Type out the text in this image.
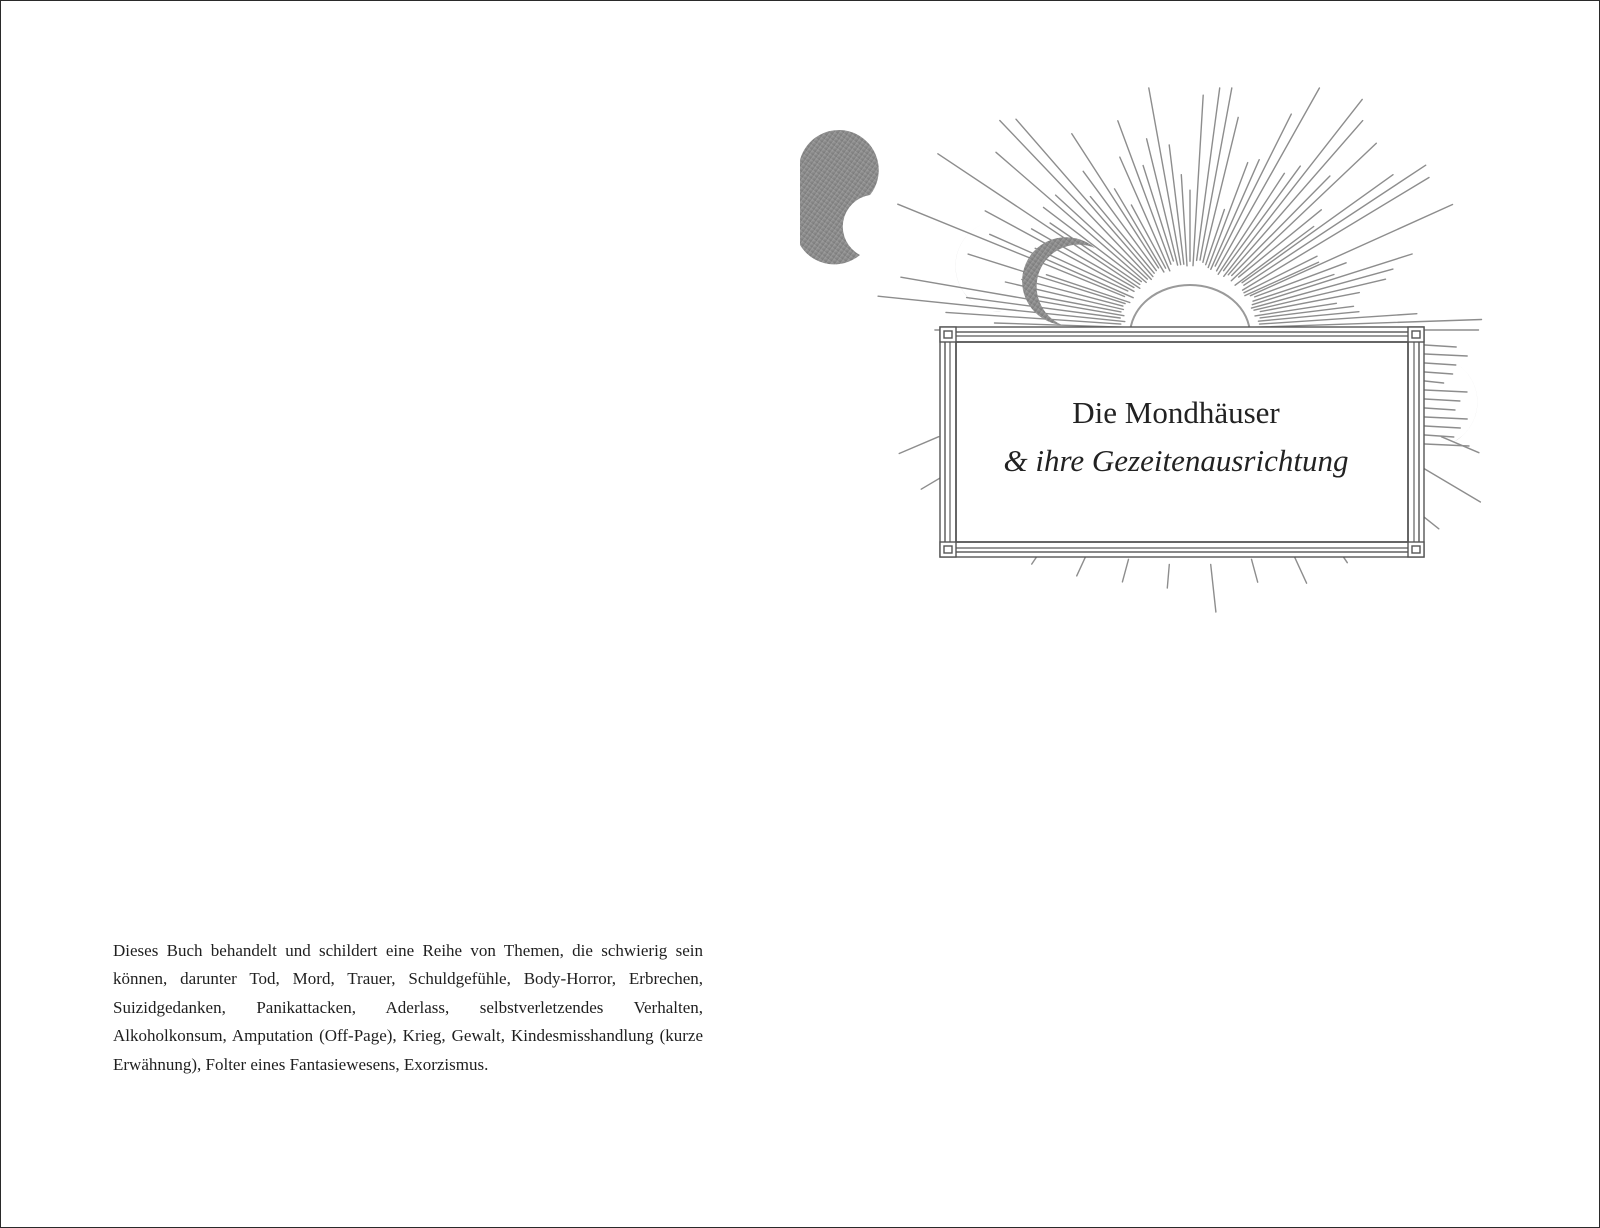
Dieses Buch behandelt und schildert eine Reihe von Themen, die schwierig sein können, darunter Tod, Mord, Trauer, Schuldgefühle, Body-Horror, Erbrechen, Suizidgedanken, Panikattacken, Aderlass, selbstverletzendes Verhalten, Alkoholkonsum, Amputation (Off-Page), Krieg, Gewalt, Kindesmisshandlung (kurze Erwähnung), Folter eines Fantasiewesens, Exorzismus.

Die Mondhäuser
& ihre Gezeitenausrichtung
